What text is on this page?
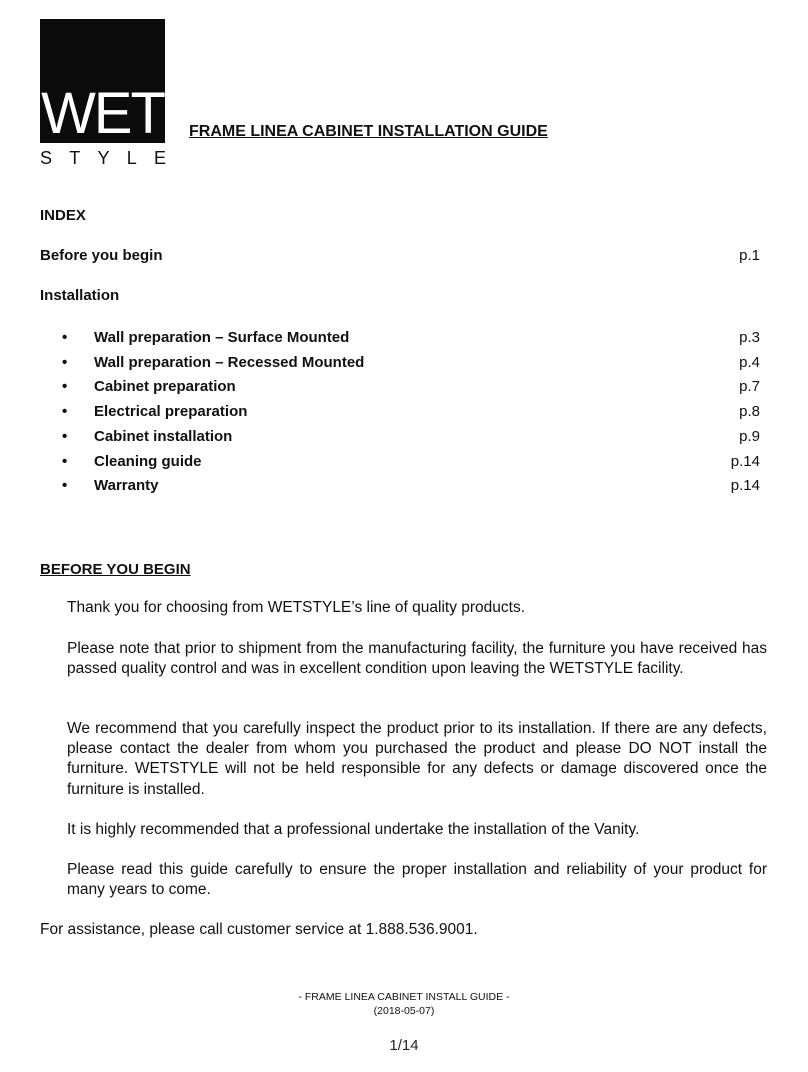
WET
S T Y L E
FRAME LINEA CABINET INSTALLATION GUIDE
INDEX
Before you begin	p.1
Installation
•	Wall preparation – Surface Mounted	p.3
•	Wall preparation – Recessed Mounted	p.4
•	Cabinet preparation	p.7
•	Electrical preparation	p.8
•	Cabinet installation	p.9
•	Cleaning guide	p.14
•	Warranty	p.14
BEFORE YOU BEGIN

Thank you for choosing from WETSTYLE’s line of quality products.

Please note that prior to shipment from the manufacturing facility, the furniture you have received has passed quality control and was in excellent condition upon leaving the WETSTYLE facility.

We recommend that you carefully inspect the product prior to its installation. If there are any defects, please contact the dealer from whom you purchased the product and please DO NOT install the furniture. WETSTYLE will not be held responsible for any defects or damage discovered once the furniture is installed.

It is highly recommended that a professional undertake the installation of the Vanity.

Please read this guide carefully to ensure the proper installation and reliability of your product for many years to come.

For assistance, please call customer service at 1.888.536.9001.

- FRAME LINEA CABINET INSTALL GUIDE -
(2018-05-07)
1/14
